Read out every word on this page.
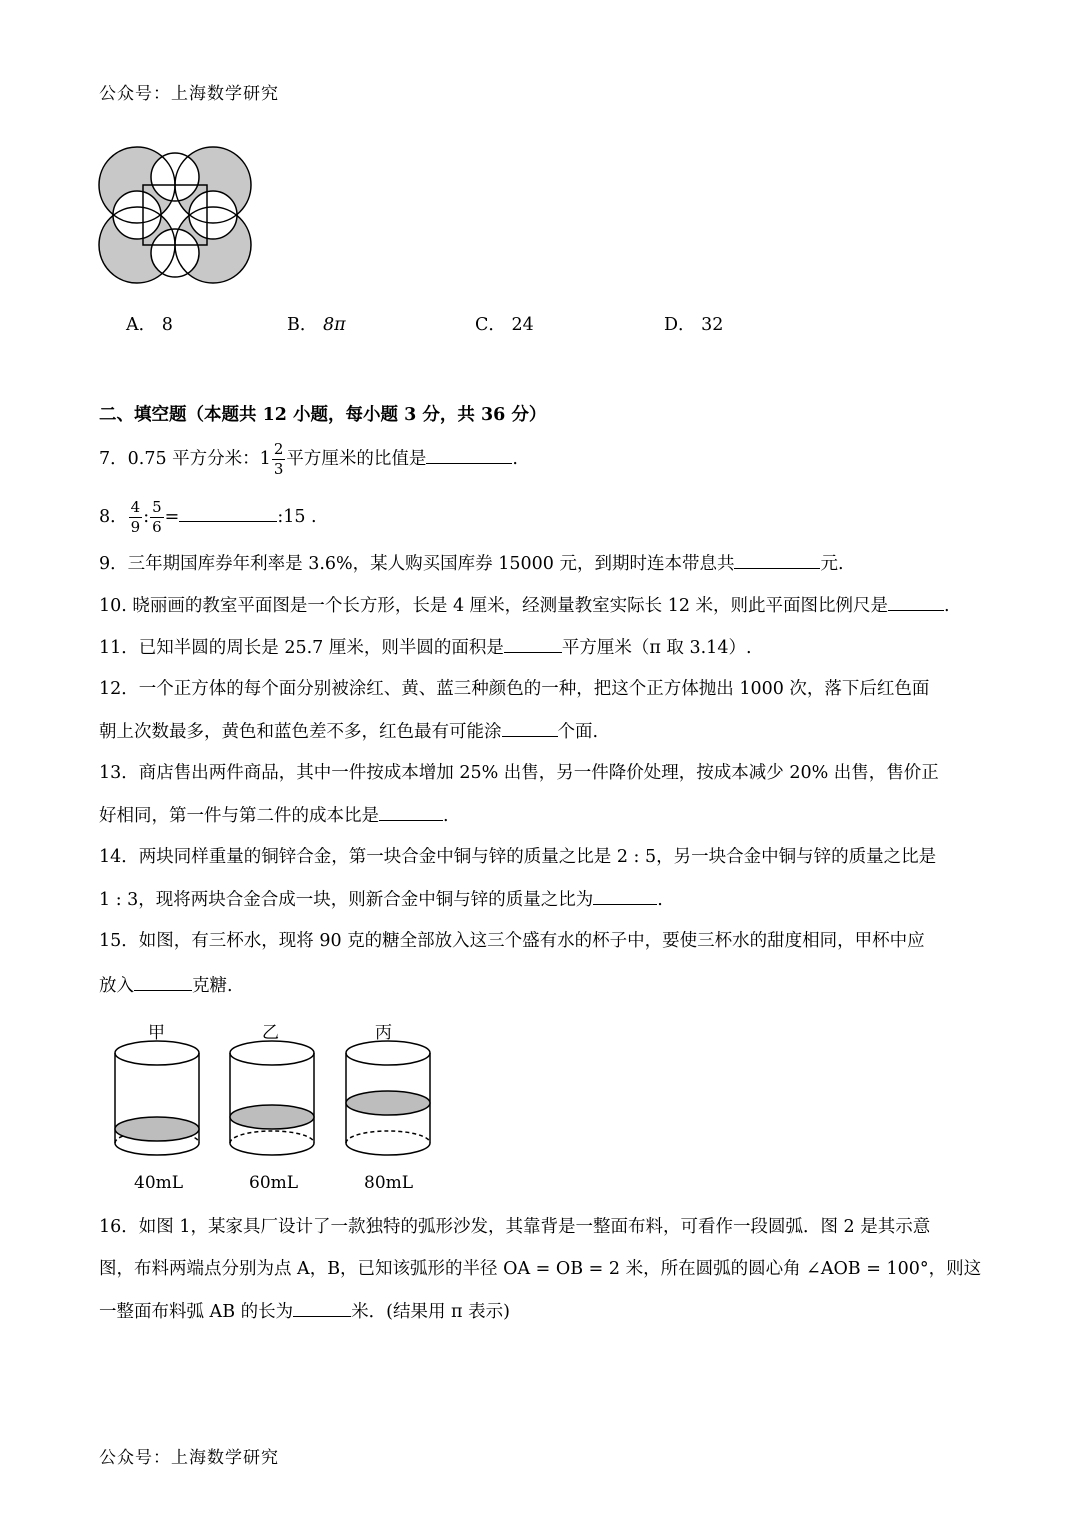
公众号：上海数学研究
A． 8	B． 8π	C． 24	D． 32
二、填空题（本题共 12 小题，每小题 3 分，共 36 分）
7．0.75 平方分米：$1 \frac{2}{3}$ 平方厘米的比值是	.
8． $\frac{4}{9}$ : $\frac{5}{6}$ =	:15 .
9．三年期国库券年利率是 3.6%，某人购买国库券 15000 元，到期时连本带息共	元.
10. 晓丽画的教室平面图是一个长方形，长是 4 厘米，经测量教室实际长 12 米，则此平面图比例尺是	.
11．已知半圆的周长是 25.7 厘米，则半圆的面积是	平方厘米（π 取 3.14）.
12．一个正方体的每个面分别被涂红、黄、蓝三种颜色的一种，把这个正方体抛出 1000 次，落下后红色面
朝上次数最多，黄色和蓝色差不多，红色最有可能涂	个面.
13．商店售出两件商品，其中一件按成本增加 25% 出售，另一件降价处理，按成本减少 20% 出售，售价正
好相同，第一件与第二件的成本比是	.
14．两块同样重量的铜锌合金，第一块合金中铜与锌的质量之比是 2 : 5，另一块合金中铜与锌的质量之比是
1 : 3，现将两块合金合成一块，则新合金中铜与锌的质量之比为	.
15．如图，有三杯水，现将 90 克的糖全部放入这三个盛有水的杯子中，要使三杯水的甜度相同，甲杯中应
放入	克糖.
甲	乙	丙
40mL	60mL	80mL
16．如图 1，某家具厂设计了一款独特的弧形沙发，其靠背是一整面布料，可看作一段圆弧．图 2 是其示意
图，布料两端点分别为点 A，B，已知该弧形的半径 OA = OB = 2 米，所在圆弧的圆心角 ∠AOB = 100°，则这
一整面布料弧 AB 的长为	米．(结果用 π 表示)
公众号：上海数学研究
